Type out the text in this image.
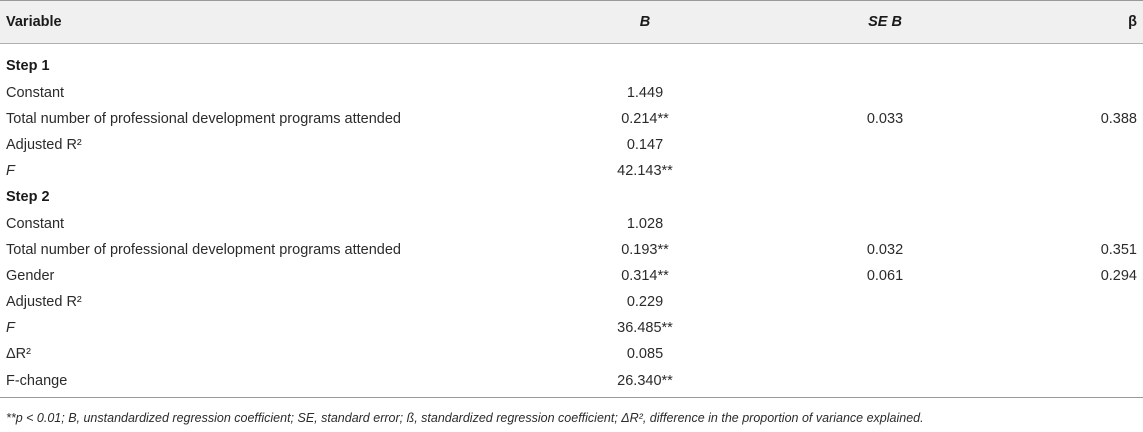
Variable	B	SE B	β
Step 1
Constant	1.449
Total number of professional development programs attended	0.214**	0.033	0.388
Adjusted R²	0.147
F	42.143**
Step 2
Constant	1.028
Total number of professional development programs attended	0.193**	0.032	0.351
Gender	0.314**	0.061	0.294
Adjusted R²	0.229
F	36.485**
ΔR²	0.085
F-change	26.340**
**p < 0.01; B, unstandardized regression coefficient; SE, standard error; ß, standardized regression coefficient; ΔR², difference in the proportion of variance explained.
